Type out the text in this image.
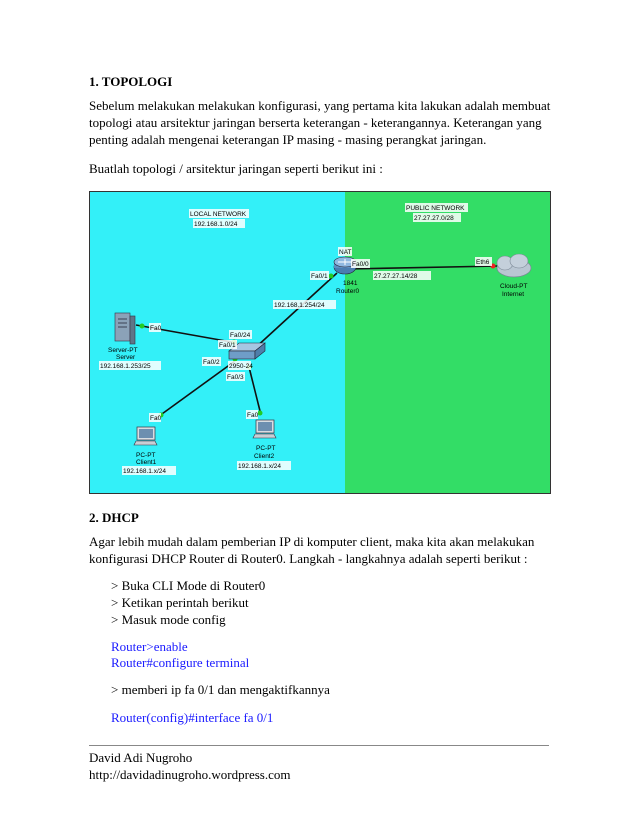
1. TOPOLOGI
Sebelum melakukan melakukan konfigurasi, yang pertama kita lakukan adalah membuat
topologi atau arsitektur jaringan berserta keterangan - keterangannya. Keterangan yang
penting adalah mengenai keterangan IP masing - masing perangkat jaringan.
Buatlah topologi / arsitektur jaringan seperti berikut ini :
LOCAL NETWORK
192.168.1.0/24
PUBLIC NETWORK
27.27.27.0/28
NAT
Fa0/0
Fa0/1
1841
Router0
27.27.27.14/28
192.168.1.254/24
Eth6
Cloud-PT
Internet
Fa0/24
Fa0/1
Fa0/2
2950-24
Fa0/3
Fa0
Server-PT
Server
192.168.1.253/25
Fa0
PC-PT
Client1
192.168.1.x/24
Fa0
PC-PT
Client2
192.168.1.x/24
2. DHCP
Agar lebih mudah dalam pemberian IP di komputer client, maka kita akan melakukan
konfigurasi DHCP Router di Router0. Langkah - langkahnya adalah seperti berikut :
> Buka CLI Mode di Router0
> Ketikan perintah berikut
> Masuk mode config
Router>enable
Router#configure terminal
> memberi ip fa 0/1 dan mengaktifkannya
Router(config)#interface fa 0/1
David Adi Nugroho
http://davidadinugroho.wordpress.com
